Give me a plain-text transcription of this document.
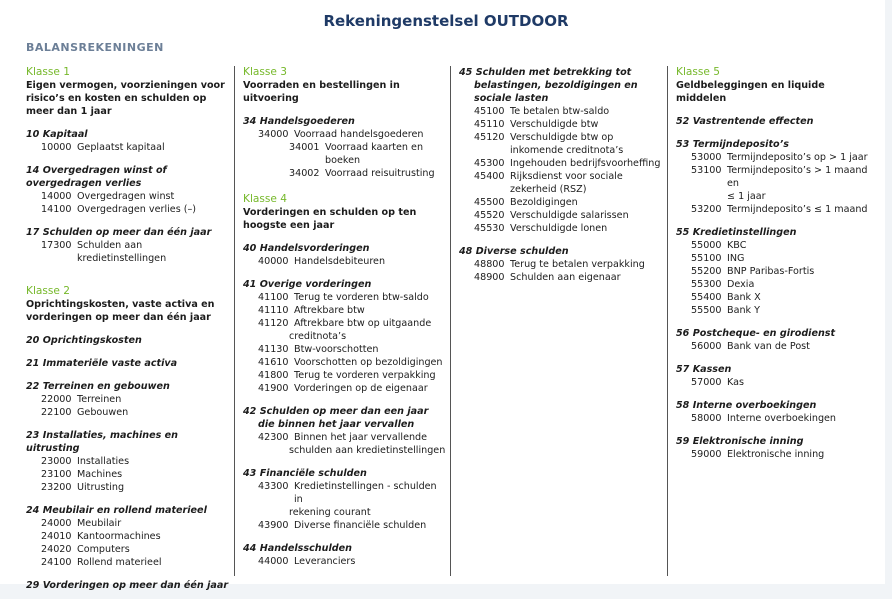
Rekeningenstelsel OUTDOOR
BALANSREKENINGEN
Klasse 1
Eigen vermogen, voorzieningen voor risico’s en kosten en schulden op meer dan 1 jaar
10 Kapitaal
10000 Geplaatst kapitaal
14 Overgedragen winst of overgedragen verlies
14000 Overgedragen winst
14100 Overgedragen verlies (–)
17 Schulden op meer dan één jaar
17300 Schulden aan kredietinstellingen
Klasse 2
Oprichtingskosten, vaste activa en vorderingen op meer dan één jaar
20 Oprichtingskosten
21 Immateriële vaste activa
22 Terreinen en gebouwen
22000 Terreinen
22100 Gebouwen
23 Installaties, machines en uitrusting
23000 Installaties
23100 Machines
23200 Uitrusting
24 Meubilair en rollend materieel
24000 Meubilair
24010 Kantoormachines
24020 Computers
24100 Rollend materieel
29 Vorderingen op meer dan één jaar
Klasse 3
Voorraden en bestellingen in uitvoering
34 Handelsgoederen
34000 Voorraad handelsgoederen
34001 Voorraad kaarten en boeken
34002 Voorraad reisuitrusting
Klasse 4
Vorderingen en schulden op ten hoogste een jaar
40 Handelsvorderingen
40000 Handelsdebiteuren
41 Overige vorderingen
41100 Terug te vorderen btw-saldo
41110 Aftrekbare btw
41120 Aftrekbare btw op uitgaande
creditnota’s
41130 Btw-voorschotten
41610 Voorschotten op bezoldigingen
41800 Terug te vorderen verpakking
41900 Vorderingen op de eigenaar
42 Schulden op meer dan een jaar die binnen het jaar vervallen
42300 Binnen het jaar vervallende
schulden aan kredietinstellingen
43 Financiële schulden
43300 Kredietinstellingen - schulden in
rekening courant
43900 Diverse financiële schulden
44 Handelsschulden
44000 Leveranciers
45 Schulden met betrekking tot belastingen, bezoldigingen en sociale lasten
45100 Te betalen btw-saldo
45110 Verschuldigde btw
45120 Verschuldigde btw op
inkomende creditnota’s
45300 Ingehouden bedrijfsvoorheffing
45400 Rijksdienst voor sociale
zekerheid (RSZ)
45500 Bezoldigingen
45520 Verschuldigde salarissen
45530 Verschuldigde lonen
48 Diverse schulden
48800 Terug te betalen verpakking
48900 Schulden aan eigenaar
Klasse 5
Geldbeleggingen en liquide middelen
52 Vastrentende effecten
53 Termijndeposito’s
53000 Termijndeposito’s op > 1 jaar
53100 Termijndeposito’s > 1 maand en
≤ 1 jaar
53200 Termijndeposito’s ≤ 1 maand
55 Kredietinstellingen
55000 KBC
55100 ING
55200 BNP Paribas-Fortis
55300 Dexia
55400 Bank X
55500 Bank Y
56 Postcheque- en girodienst
56000 Bank van de Post
57 Kassen
57000 Kas
58 Interne overboekingen
58000 Interne overboekingen
59 Elektronische inning
59000 Elektronische inning
